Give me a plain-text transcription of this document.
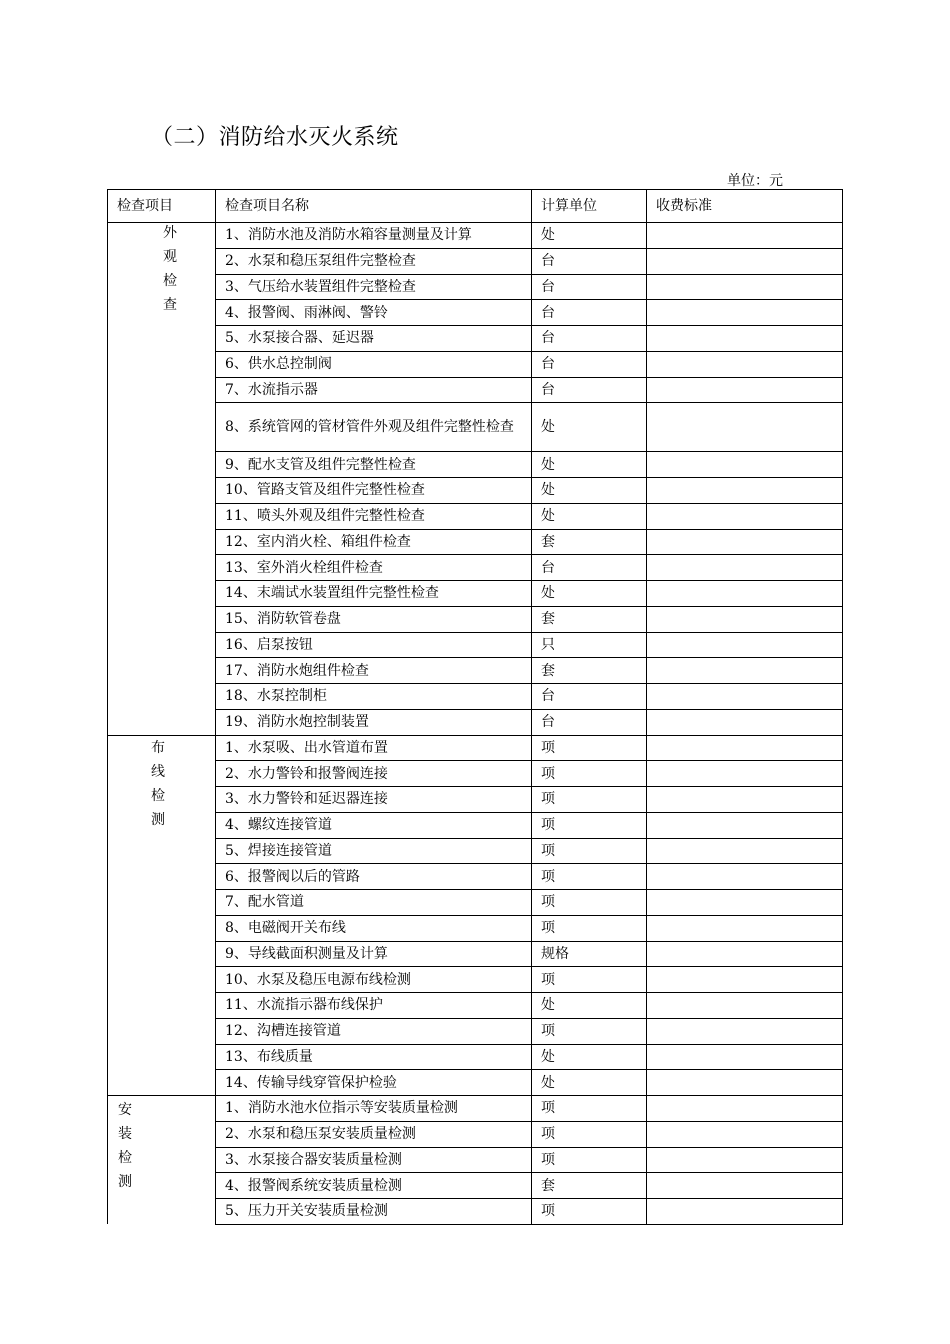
（二）消防给水灭火系统
单位：元
检查项目	检查项目名称	计算单位	收费标准

外
观
检
查	1、消防水池及消防水箱容量测量及计算	处	
	2、水泵和稳压泵组件完整检查	台	
	3、气压给水装置组件完整检查	台	
	4、报警阀、雨淋阀、警铃	台	
	5、水泵接合器、延迟器	台	
	6、供水总控制阀	台	
	7、水流指示器	台	
	8、系统管网的管材管件外观及组件完整性检查	处	
	9、配水支管及组件完整性检查	处	
	10、管路支管及组件完整性检查	处	
	11、喷头外观及组件完整性检查	处	
	12、室内消火栓、箱组件检查	套	
	13、室外消火栓组件检查	台	
	14、末端试水装置组件完整性检查	处	
	15、消防软管卷盘	套	
	16、启泵按钮	只	
	17、消防水炮组件检查	套	
	18、水泵控制柜	台	
	19、消防水炮控制装置	台	

布
线
检
测	1、水泵吸、出水管道布置	项	
	2、水力警铃和报警阀连接	项	
	3、水力警铃和延迟器连接	项	
	4、螺纹连接管道	项	
	5、焊接连接管道	项	
	6、报警阀以后的管路	项	
	7、配水管道	项	
	8、电磁阀开关布线	项	
	9、导线截面积测量及计算	规格	
	10、水泵及稳压电源布线检测	项	
	11、水流指示器布线保护	处	
	12、沟槽连接管道	项	
	13、布线质量	处	
	14、传输导线穿管保护检验	处	

安
装
检
测	1、消防水池水位指示等安装质量检测	项	
	2、水泵和稳压泵安装质量检测	项	
	3、水泵接合器安装质量检测	项	
	4、报警阀系统安装质量检测	套	
	5、压力开关安装质量检测	项	
